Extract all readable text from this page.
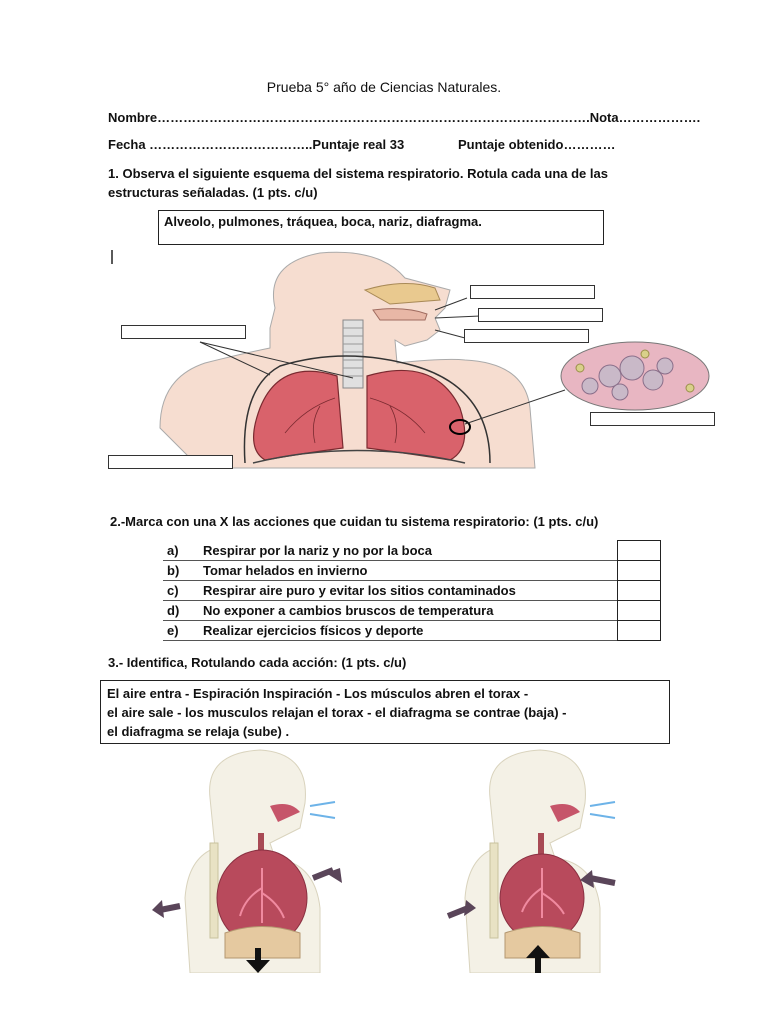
Prueba 5° año de Ciencias Naturales.
Nombre……………………………………………………………………………………….Nota……………….
Fecha ………………………………..Puntaje real 33	Puntaje obtenido…………
1. Observa el siguiente esquema del sistema respiratorio. Rotula cada una de las
estructuras señaladas. (1 pts. c/u)
Alveolo, pulmones, tráquea, boca, nariz, diafragma.
2.-Marca con una X las acciones que cuidan tu sistema respiratorio: (1 pts. c/u)
a)	Respirar por la nariz y no por la boca	
b)	Tomar helados en invierno	
c)	Respirar aire puro y evitar los sitios contaminados	
d)	No exponer a cambios bruscos de temperatura	
e)	Realizar ejercicios físicos y deporte	
3.- Identifica, Rotulando cada acción: (1 pts. c/u)
El aire entra - Espiración Inspiración - Los músculos abren el torax -
el aire sale - los musculos relajan el torax - el diafragma se contrae (baja) -
el diafragma se relaja (sube) .
